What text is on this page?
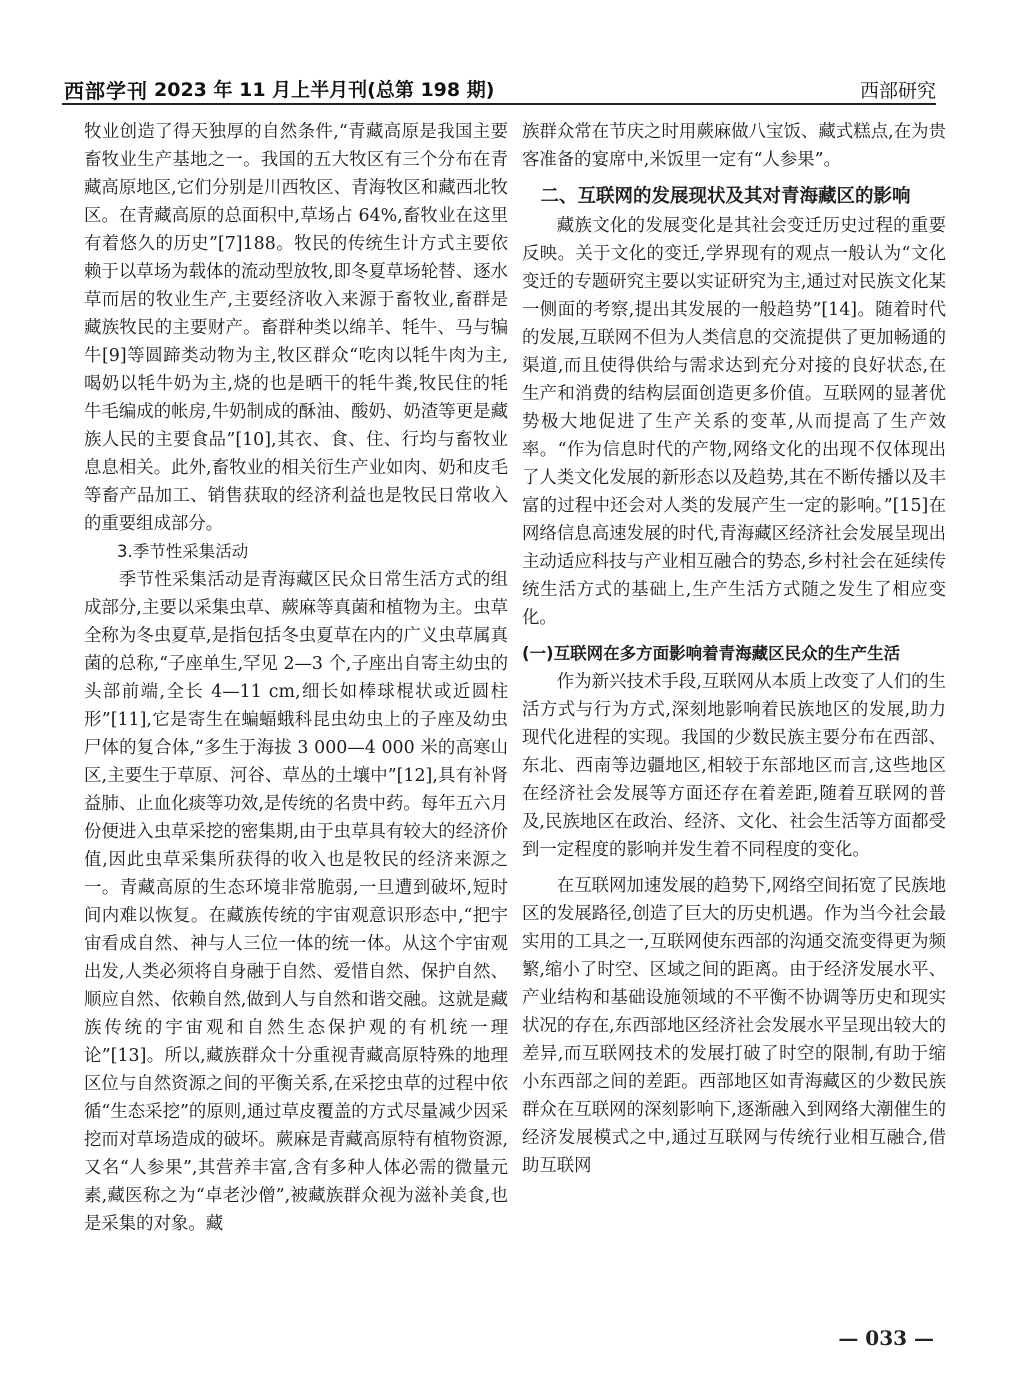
西部学刊 2023 年 11 月上半月刊(总第 198 期)	西部研究

牧业创造了得天独厚的自然条件,“青藏高原是我国主要畜牧业生产基地之一。我国的五大牧区有三个分布在青藏高原地区,它们分别是川西牧区、青海牧区和藏西北牧区。在青藏高原的总面积中,草场占 64%,畜牧业在这里有着悠久的历史”[7]188。牧民的传统生计方式主要依赖于以草场为载体的流动型放牧,即冬夏草场轮替、逐水草而居的牧业生产,主要经济收入来源于畜牧业,畜群是藏族牧民的主要财产。畜群种类以绵羊、牦牛、马与犏牛[9]等圆蹄类动物为主,牧区群众“吃肉以牦牛肉为主,喝奶以牦牛奶为主,烧的也是晒干的牦牛粪,牧民住的牦牛毛编成的帐房,牛奶制成的酥油、酸奶、奶渣等更是藏族人民的主要食品”[10],其衣、食、住、行均与畜牧业息息相关。此外,畜牧业的相关衍生产业如肉、奶和皮毛等畜产品加工、销售获取的经济利益也是牧民日常收入的重要组成部分。

3.季节性采集活动

季节性采集活动是青海藏区民众日常生活方式的组成部分,主要以采集虫草、蕨麻等真菌和植物为主。虫草全称为冬虫夏草,是指包括冬虫夏草在内的广义虫草属真菌的总称,“子座单生,罕见 2—3 个,子座出自寄主幼虫的头部前端,全长 4—11 cm,细长如棒球棍状或近圆柱形”[11],它是寄生在蝙蝠蛾科昆虫幼虫上的子座及幼虫尸体的复合体,“多生于海拔 3 000—4 000 米的高寒山区,主要生于草原、河谷、草丛的土壤中”[12],具有补肾益肺、止血化痰等功效,是传统的名贵中药。每年五六月份便进入虫草采挖的密集期,由于虫草具有较大的经济价值,因此虫草采集所获得的收入也是牧民的经济来源之一。青藏高原的生态环境非常脆弱,一旦遭到破坏,短时间内难以恢复。在藏族传统的宇宙观意识形态中,“把宇宙看成自然、神与人三位一体的统一体。从这个宇宙观出发,人类必须将自身融于自然、爱惜自然、保护自然、顺应自然、依赖自然,做到人与自然和谐交融。这就是藏族传统的宇宙观和自然生态保护观的有机统一理论”[13]。所以,藏族群众十分重视青藏高原特殊的地理区位与自然资源之间的平衡关系,在采挖虫草的过程中依循“生态采挖”的原则,通过草皮覆盖的方式尽量减少因采挖而对草场造成的破坏。蕨麻是青藏高原特有植物资源,又名“人参果”,其营养丰富,含有多种人体必需的微量元素,藏医称之为“卓老沙僧”,被藏族群众视为滋补美食,也是采集的对象。藏

族群众常在节庆之时用蕨麻做八宝饭、藏式糕点,在为贵客准备的宴席中,米饭里一定有“人参果”。

二、互联网的发展现状及其对青海藏区的影响

藏族文化的发展变化是其社会变迁历史过程的重要反映。关于文化的变迁,学界现有的观点一般认为“文化变迁的专题研究主要以实证研究为主,通过对民族文化某一侧面的考察,提出其发展的一般趋势”[14]。随着时代的发展,互联网不但为人类信息的交流提供了更加畅通的渠道,而且使得供给与需求达到充分对接的良好状态,在生产和消费的结构层面创造更多价值。互联网的显著优势极大地促进了生产关系的变革,从而提高了生产效率。“作为信息时代的产物,网络文化的出现不仅体现出了人类文化发展的新形态以及趋势,其在不断传播以及丰富的过程中还会对人类的发展产生一定的影响。”[15]在网络信息高速发展的时代,青海藏区经济社会发展呈现出主动适应科技与产业相互融合的势态,乡村社会在延续传统生活方式的基础上,生产生活方式随之发生了相应变化。

(一)互联网在多方面影响着青海藏区民众的生产生活

作为新兴技术手段,互联网从本质上改变了人们的生活方式与行为方式,深刻地影响着民族地区的发展,助力现代化进程的实现。我国的少数民族主要分布在西部、东北、西南等边疆地区,相较于东部地区而言,这些地区在经济社会发展等方面还存在着差距,随着互联网的普及,民族地区在政治、经济、文化、社会生活等方面都受到一定程度的影响并发生着不同程度的变化。

在互联网加速发展的趋势下,网络空间拓宽了民族地区的发展路径,创造了巨大的历史机遇。作为当今社会最实用的工具之一,互联网使东西部的沟通交流变得更为频繁,缩小了时空、区域之间的距离。由于经济发展水平、产业结构和基础设施领域的不平衡不协调等历史和现实状况的存在,东西部地区经济社会发展水平呈现出较大的差异,而互联网技术的发展打破了时空的限制,有助于缩小东西部之间的差距。西部地区如青海藏区的少数民族群众在互联网的深刻影响下,逐渐融入到网络大潮催生的经济发展模式之中,通过互联网与传统行业相互融合,借助互联网

— 033 —
